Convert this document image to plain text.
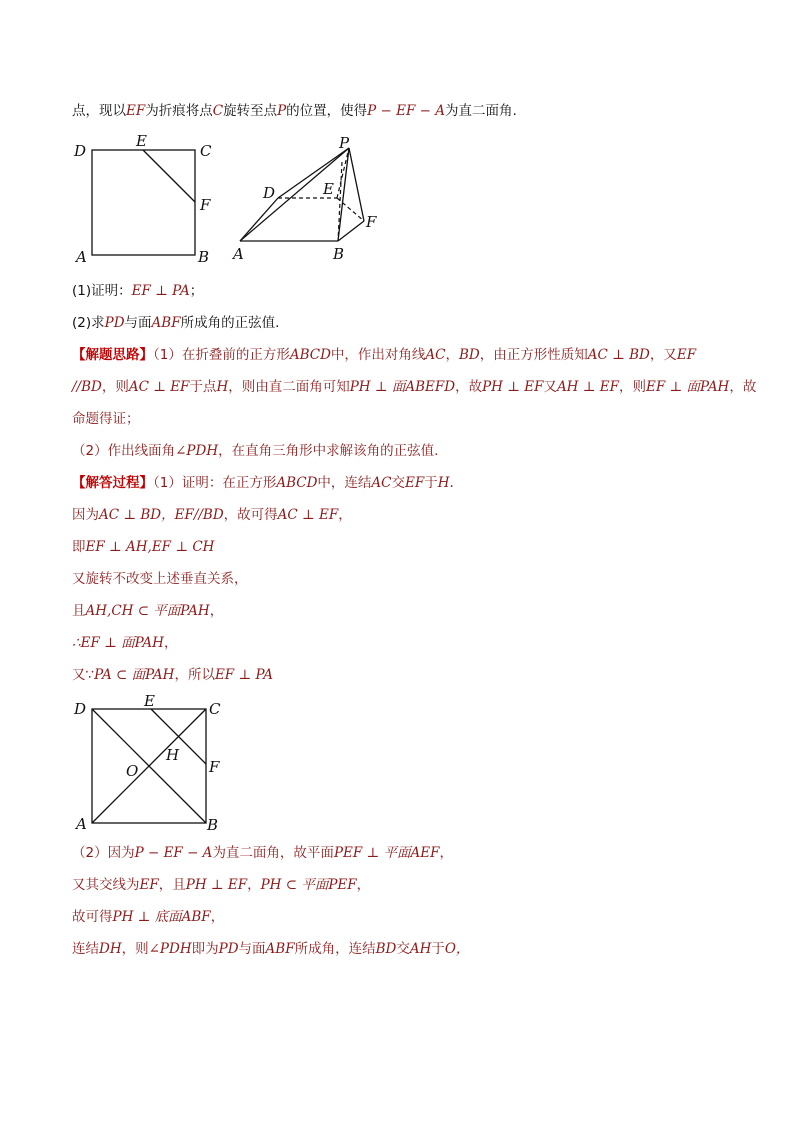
点，现以EF为折痕将点C旋转至点P的位置，使得P − EF − A为直二面角.
D
E
C
F
A	B
P
D	E
F
A	B
(1)证明：EF ⊥ PA；
(2)求PD与面ABF所成角的正弦值.
【解题思路】（1）在折叠前的正方形ABCD中，作出对角线AC，BD，由正方形性质知AC ⊥ BD，又EF
//BD，则AC ⊥ EF于点H，则由直二面角可知PH ⊥ 面ABEFD，故PH ⊥ EF又AH ⊥ EF，则EF ⊥ 面PAH，故
命题得证；
（2）作出线面角∠PDH，在直角三角形中求解该角的正弦值.
【解答过程】（1）证明：在正方形ABCD中，连结AC交EF于H.
因为AC ⊥ BD，EF//BD，故可得AC ⊥ EF，
即EF ⊥ AH,EF ⊥ CH
又旋转不改变上述垂直关系，
且AH,CH ⊂ 平面PAH，
∴EF ⊥ 面PAH，
又∵PA ⊂ 面PAH，所以EF ⊥ PA
D	E	C
H
O	F
A	B
（2）因为P − EF − A为直二面角，故平面PEF ⊥ 平面AEF，
又其交线为EF，且PH ⊥ EF，PH ⊂ 平面PEF，
故可得PH ⊥ 底面ABF，
连结DH，则∠PDH即为PD与面ABF所成角，连结BD交AH于O，
